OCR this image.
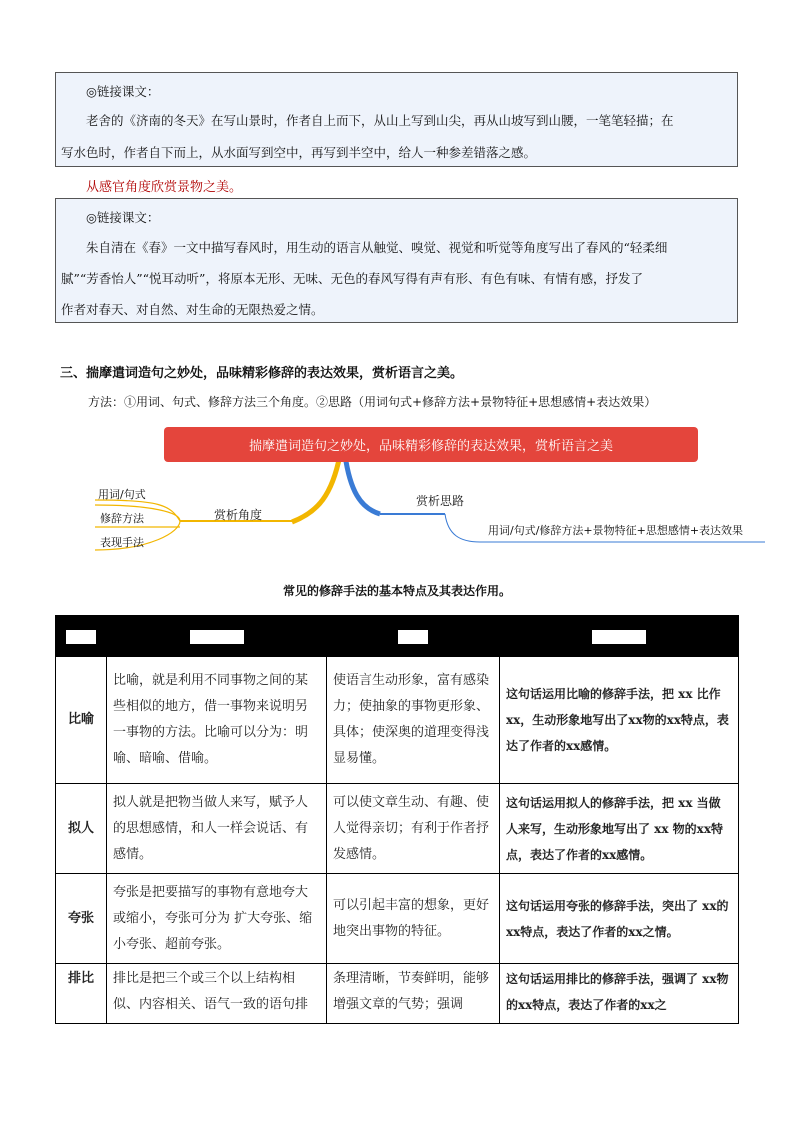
◎链接课文：
老舍的《济南的冬天》在写山景时，作者自上而下，从山上写到山尖，再从山坡写到山腰，一笔笔轻描；在
写水色时，作者自下而上，从水面写到空中，再写到半空中，给人一种参差错落之感。
从感官角度欣赏景物之美。
◎链接课文：
朱自清在《春》一文中描写春风时，用生动的语言从触觉、嗅觉、视觉和听觉等角度写出了春风的“轻柔细
腻”“芳香怡人”“悦耳动听”，将原本无形、无味、无色的春风写得有声有形、有色有味、有情有感，抒发了
作者对春天、对自然、对生命的无限热爱之情。
三、揣摩遣词造句之妙处，品味精彩修辞的表达效果，赏析语言之美。
方法：①用词、句式、修辞方法三个角度。②思路（用词句式+修辞方法+景物特征+思想感情+表达效果）
揣摩遣词造句之妙处，品味精彩修辞的表达效果，赏析语言之美
赏析角度
用词/句式
修辞方法
表现手法
赏析思路
用词/句式/修辞方法+景物特征+思想感情+表达效果
常见的修辞手法的基本特点及其表达作用。

比喻	比喻，就是利用不同事物之间的某些相似的地方，借一事物来说明另一事物的方法。比喻可以分为：明喻、暗喻、借喻。	使语言生动形象，富有感染力；使抽象的事物更形象、具体；使深奥的道理变得浅显易懂。	这句话运用比喻的修辞手法，把 xx 比作xx，生动形象地写出了xx物的xx特点，表达了作者的xx感情。
拟人	拟人就是把物当做人来写，赋予人的思想感情，和人一样会说话、有感情。	可以使文章生动、有趣、使人觉得亲切；有利于作者抒发感情。	这句话运用拟人的修辞手法，把 xx 当做人来写，生动形象地写出了 xx 物的xx特点，表达了作者的xx感情。
夸张	夸张是把要描写的事物有意地夸大或缩小，夸张可分为 扩大夸张、缩小夸张、超前夸张。	可以引起丰富的想象，更好地突出事物的特征。	这句话运用夸张的修辞手法，突出了 xx的xx特点，表达了作者的xx之情。
排比	排比是把三个或三个以上结构相似、内容相关、语气一致的语句排	条理清晰，节奏鲜明，能够增强文章的气势；强调	这句话运用排比的修辞手法，强调了 xx物的xx特点，表达了作者的xx之
